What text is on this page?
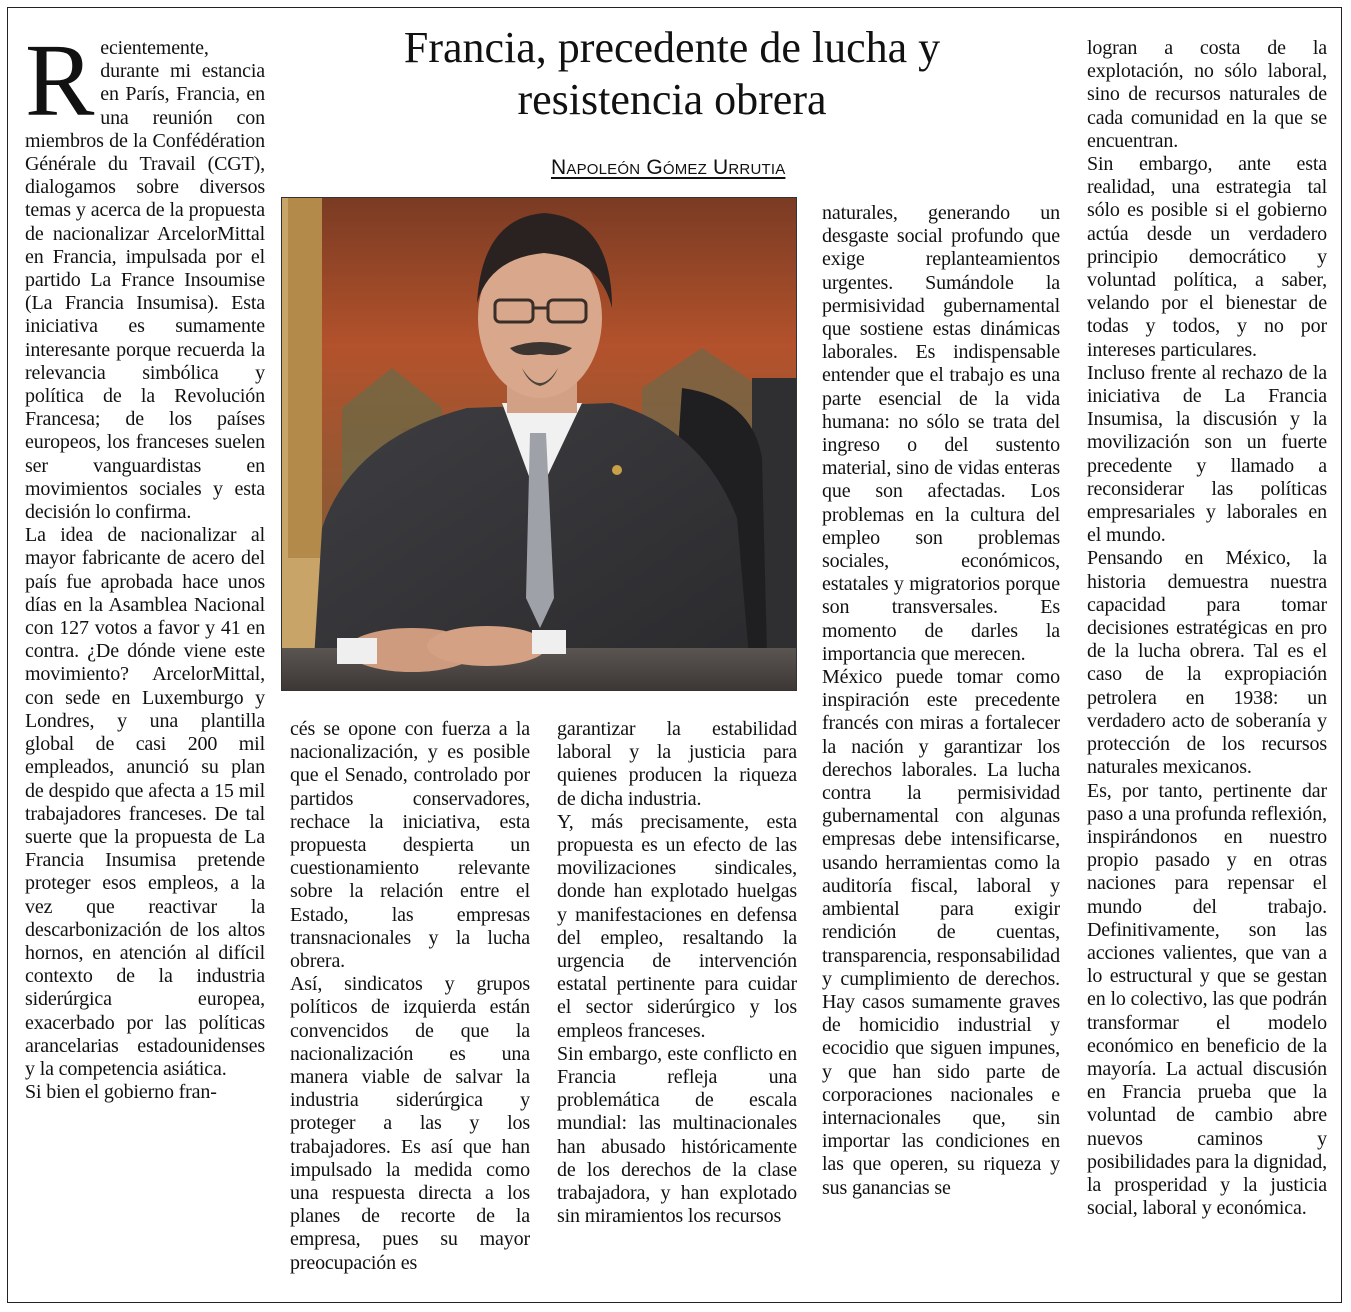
Francia, precedente de lucha y
resistencia obrera
Napoleón Gómez Urrutia
R ecientemente, durante mi estancia en París, Francia, en una reunión con miembros de la Confédération Générale du Travail (CGT), dialogamos sobre diversos temas y acerca de la propuesta de nacionalizar ArcelorMittal en Francia, impulsada por el partido La France Insoumise (La Francia Insumisa). Esta iniciativa es sumamente interesante porque recuerda la relevancia simbólica y política de la Revolución Francesa; de los países europeos, los franceses suelen ser vanguardistas en movimientos sociales y esta decisión lo confirma.

La idea de nacionalizar al mayor fabricante de acero del país fue aprobada hace unos días en la Asamblea Nacional con 127 votos a favor y 41 en contra. ¿De dónde viene este movimiento? ArcelorMittal, con sede en Luxemburgo y Londres, y una plantilla global de casi 200 mil empleados, anunció su plan de despido que afecta a 15 mil trabajadores franceses. De tal suerte que la propuesta de La Francia Insumisa pretende proteger esos empleos, a la vez que reactivar la descarbonización de los altos hornos, en atención al difícil contexto de la industria siderúrgica europea, exacerbado por las políticas arancelarias estadounidenses y la competencia asiática.

Si bien el gobierno fran-

cés se opone con fuerza a la nacionalización, y es posible que el Senado, controlado por partidos conservadores, rechace la iniciativa, esta propuesta despierta un cuestionamiento relevante sobre la relación entre el Estado, las empresas transnacionales y la lucha obrera.

Así, sindicatos y grupos políticos de izquierda están convencidos de que la nacionalización es una manera viable de salvar la industria siderúrgica y proteger a las y los trabajadores. Es así que han impulsado la medida como una respuesta directa a los planes de recorte de la empresa, pues su mayor preocupación es

garantizar la estabilidad laboral y la justicia para quienes producen la riqueza de dicha industria.

Y, más precisamente, esta propuesta es un efecto de las movilizaciones sindicales, donde han explotado huelgas y manifestaciones en defensa del empleo, resaltando la urgencia de intervención estatal pertinente para cuidar el sector siderúrgico y los empleos franceses.

Sin embargo, este conflicto en Francia refleja una problemática de escala mundial: las multinacionales han abusado históricamente de los derechos de la clase trabajadora, y han explotado sin miramientos los recursos

naturales, generando un desgaste social profundo que exige replanteamientos urgentes. Sumándole la permisividad gubernamental que sostiene estas dinámicas laborales. Es indispensable entender que el trabajo es una parte esencial de la vida humana: no sólo se trata del ingreso o del sustento material, sino de vidas enteras que son afectadas. Los problemas en la cultura del empleo son problemas sociales, económicos, estatales y migratorios porque son transversales. Es momento de darles la importancia que merecen.

México puede tomar como inspiración este precedente francés con miras a fortalecer la nación y garantizar los derechos laborales. La lucha contra la permisividad gubernamental con algunas empresas debe intensificarse, usando herramientas como la auditoría fiscal, laboral y ambiental para exigir rendición de cuentas, transparencia, responsabilidad y cumplimiento de derechos. Hay casos sumamente graves de homicidio industrial y ecocidio que siguen impunes, y que han sido parte de corporaciones nacionales e internacionales que, sin importar las condiciones en las que operen, su riqueza y sus ganancias se

logran a costa de la explotación, no sólo laboral, sino de recursos naturales de cada comunidad en la que se encuentran.

Sin embargo, ante esta realidad, una estrategia tal sólo es posible si el gobierno actúa desde un verdadero principio democrático y voluntad política, a saber, velando por el bienestar de todas y todos, y no por intereses particulares.

Incluso frente al rechazo de la iniciativa de La Francia Insumisa, la discusión y la movilización son un fuerte precedente y llamado a reconsiderar las políticas empresariales y laborales en el mundo.

Pensando en México, la historia demuestra nuestra capacidad para tomar decisiones estratégicas en pro de la lucha obrera. Tal es el caso de la expropiación petrolera en 1938: un verdadero acto de soberanía y protección de los recursos naturales mexicanos.

Es, por tanto, pertinente dar paso a una profunda reflexión, inspirándonos en nuestro propio pasado y en otras naciones para repensar el mundo del trabajo. Definitivamente, son las acciones valientes, que van a lo estructural y que se gestan en lo colectivo, las que podrán transformar el modelo económico en beneficio de la mayoría. La actual discusión en Francia prueba que la voluntad de cambio abre nuevos caminos y posibilidades para la dignidad, la prosperidad y la justicia social, laboral y económica.
